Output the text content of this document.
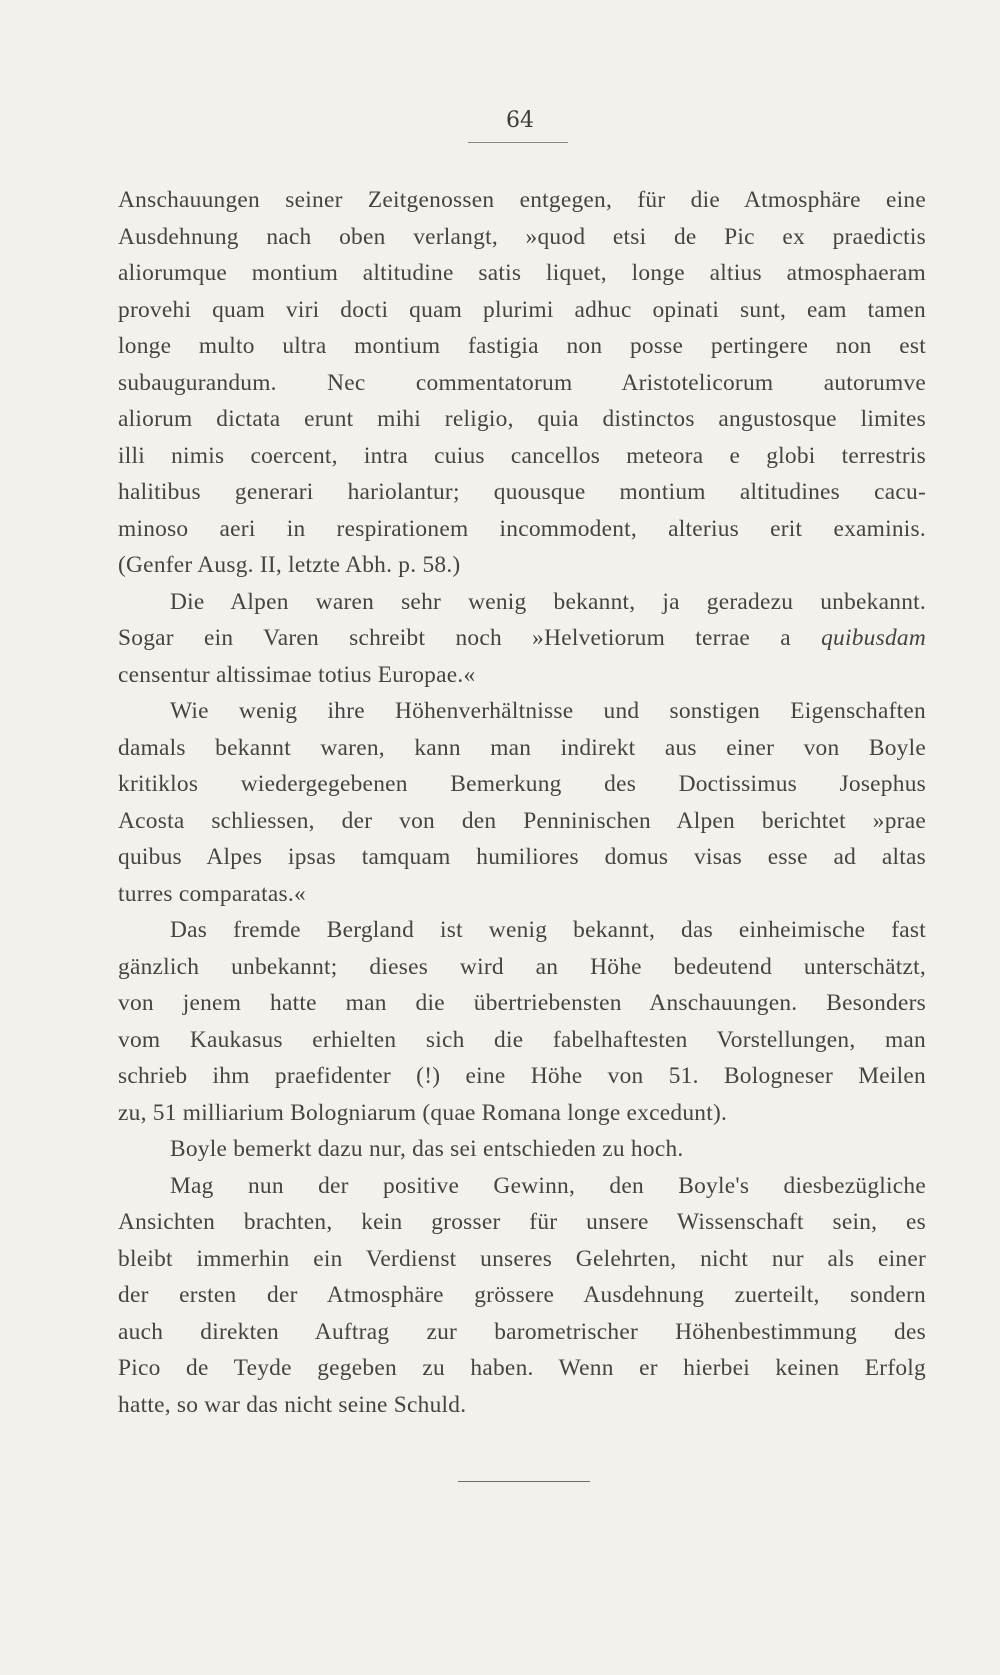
64
Anschauungen seiner Zeitgenossen entgegen, für die Atmosphäre eine
Ausdehnung nach oben verlangt, »quod etsi de Pic ex praedictis
aliorumque montium altitudine satis liquet, longe altius atmosphaeram
provehi quam viri docti quam plurimi adhuc opinati sunt, eam tamen
longe multo ultra montium fastigia non posse pertingere non est
subaugurandum. Nec commentatorum Aristotelicorum autorumve
aliorum dictata erunt mihi religio, quia distinctos angustosque limites
illi nimis coercent, intra cuius cancellos meteora e globi terrestris
halitibus generari hariolantur; quousque montium altitudines cacu-
minoso aeri in respirationem incommodent, alterius erit examinis.
(Genfer Ausg. II, letzte Abh. p. 58.)
Die Alpen waren sehr wenig bekannt, ja geradezu unbekannt.
Sogar ein Varen schreibt noch »Helvetiorum terrae a quibusdam
censentur altissimae totius Europae.«
Wie wenig ihre Höhenverhältnisse und sonstigen Eigenschaften
damals bekannt waren, kann man indirekt aus einer von Boyle
kritiklos wiedergegebenen Bemerkung des Doctissimus Josephus
Acosta schliessen, der von den Penninischen Alpen berichtet »prae
quibus Alpes ipsas tamquam humiliores domus visas esse ad altas
turres comparatas.«
Das fremde Bergland ist wenig bekannt, das einheimische fast
gänzlich unbekannt; dieses wird an Höhe bedeutend unterschätzt,
von jenem hatte man die übertriebensten Anschauungen. Besonders
vom Kaukasus erhielten sich die fabelhaftesten Vorstellungen, man
schrieb ihm praefidenter (!) eine Höhe von 51. Bologneser Meilen
zu, 51 milliarium Bologniarum (quae Romana longe excedunt).
Boyle bemerkt dazu nur, das sei entschieden zu hoch.
Mag nun der positive Gewinn, den Boyle's diesbezügliche
Ansichten brachten, kein grosser für unsere Wissenschaft sein, es
bleibt immerhin ein Verdienst unseres Gelehrten, nicht nur als einer
der ersten der Atmosphäre grössere Ausdehnung zuerteilt, sondern
auch direkten Auftrag zur barometrischer Höhenbestimmung des
Pico de Teyde gegeben zu haben. Wenn er hierbei keinen Erfolg
hatte, so war das nicht seine Schuld.
